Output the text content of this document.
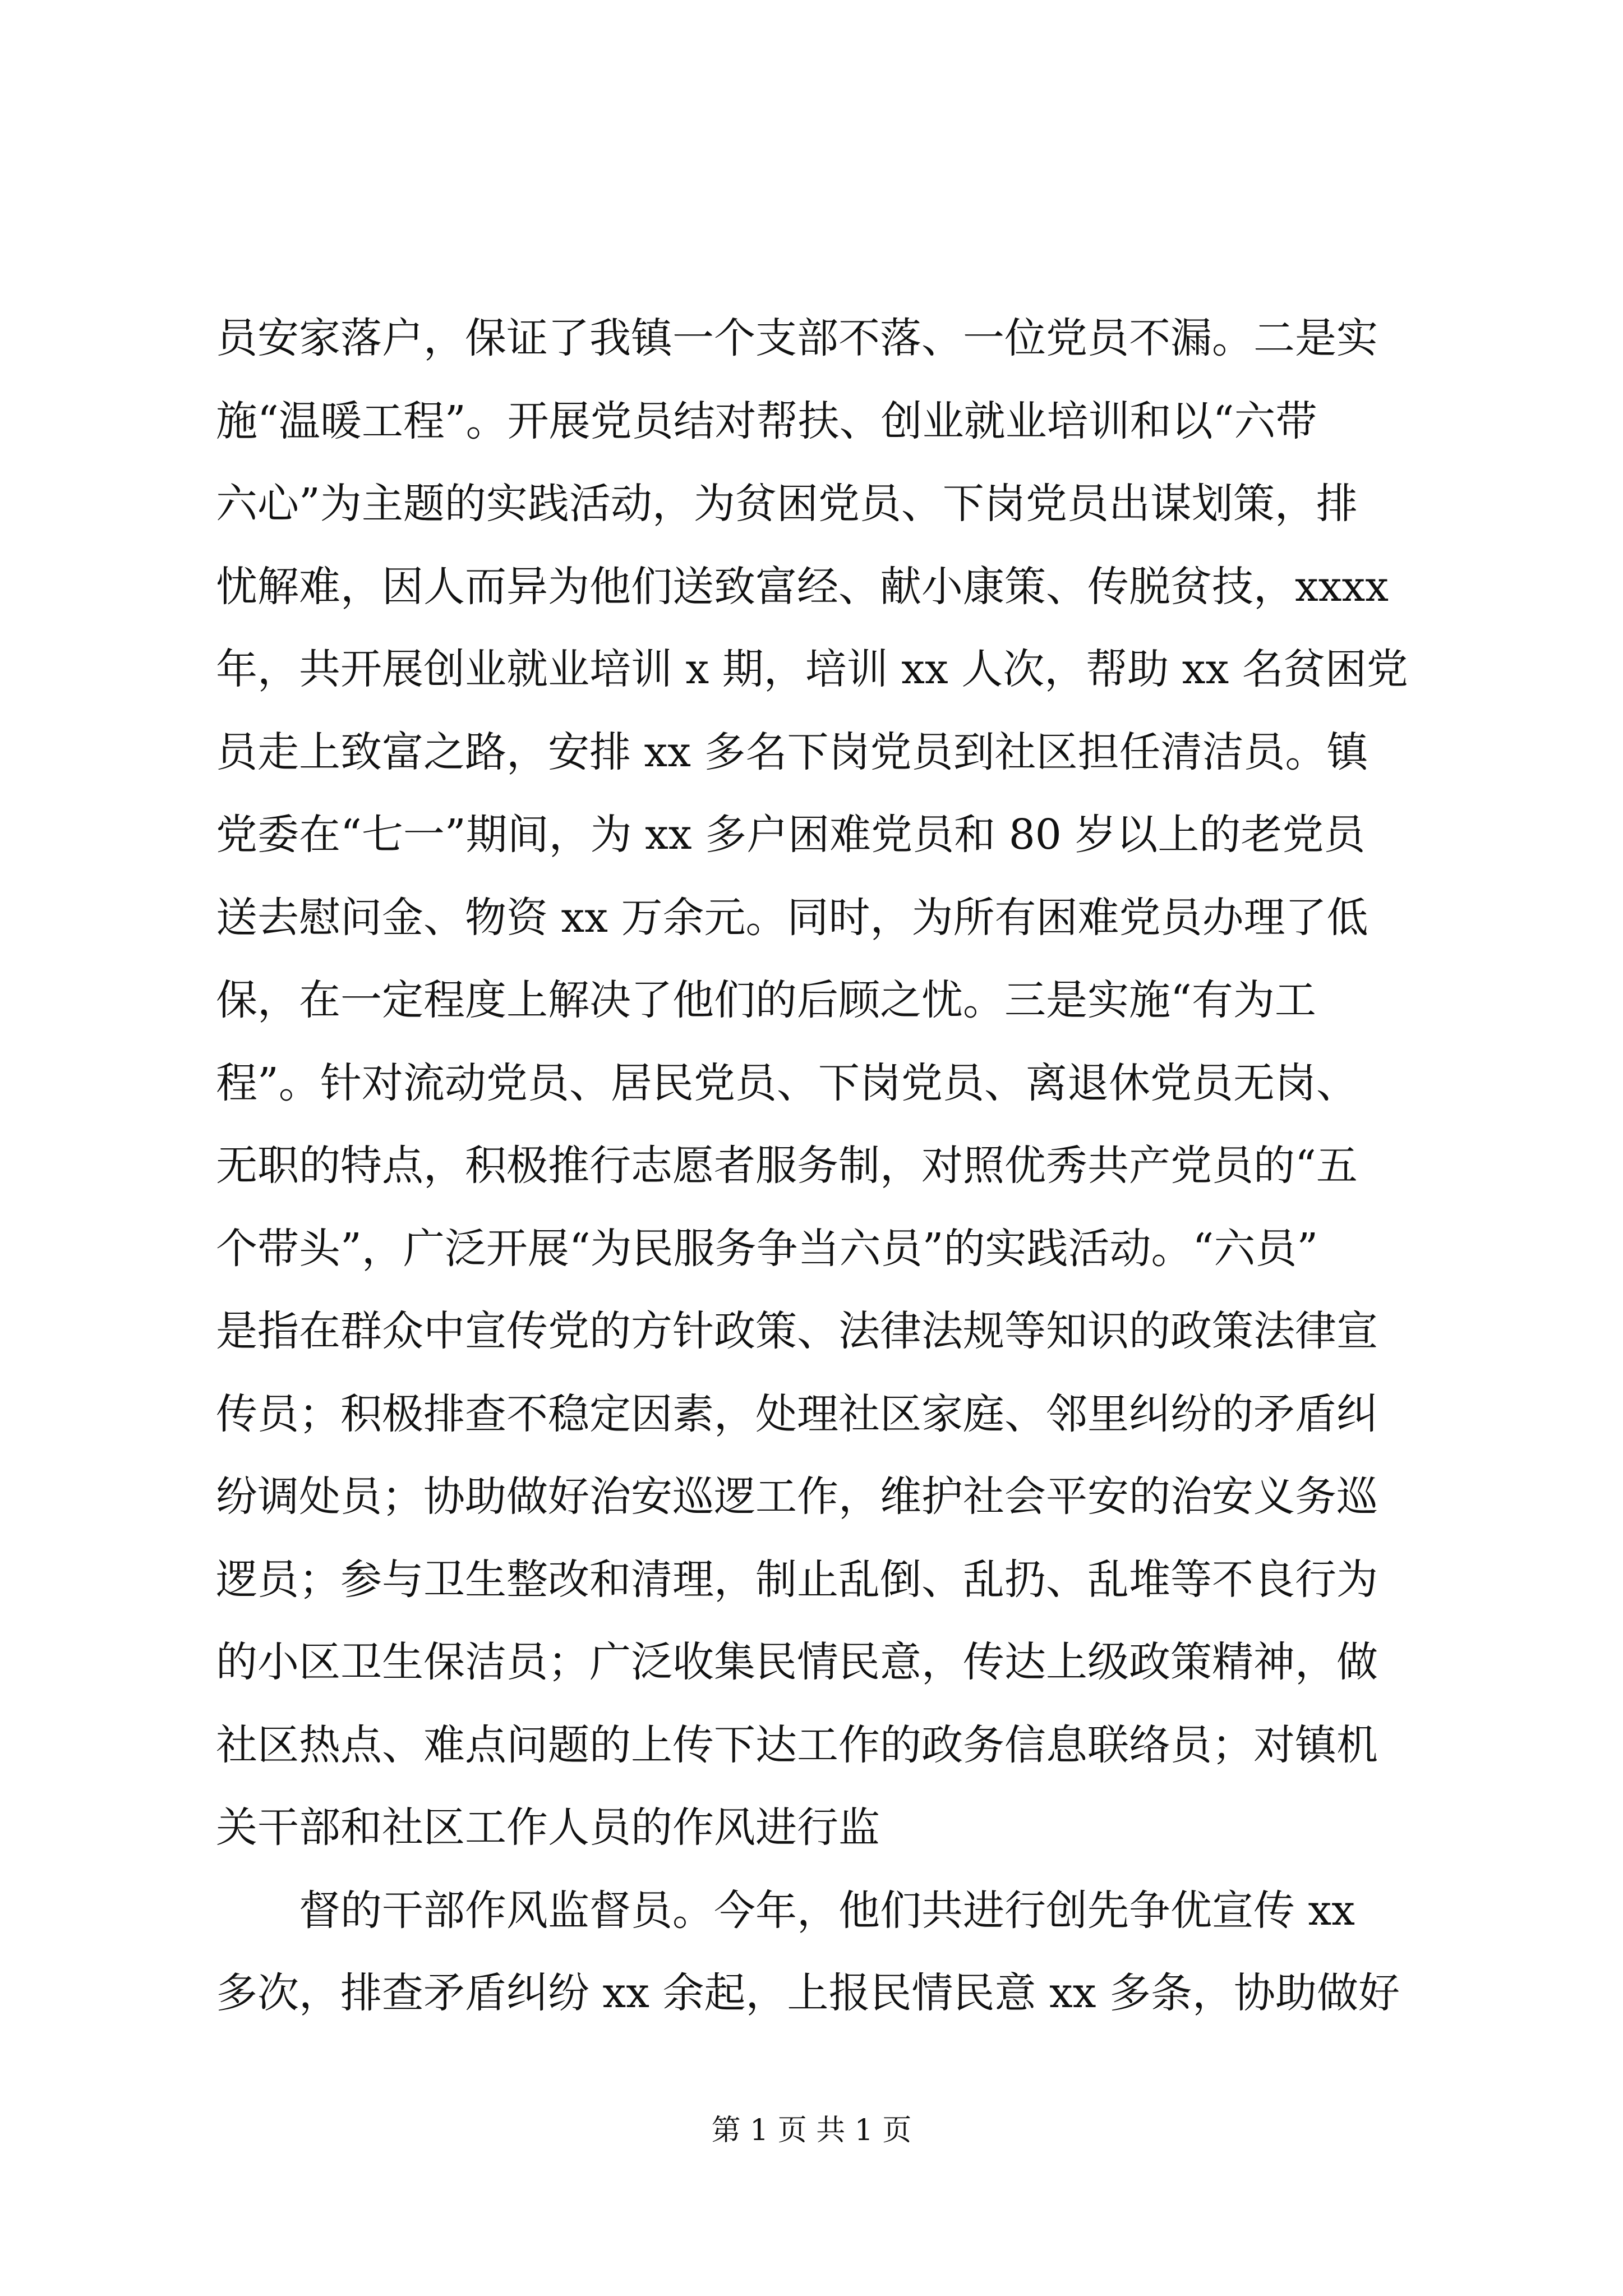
员安家落户，保证了我镇一个支部不落、一位党员不漏。二是实
施“温暖工程”。开展党员结对帮扶、创业就业培训和以“六带
六心”为主题的实践活动，为贫困党员、下岗党员出谋划策，排
忧解难，因人而异为他们送致富经、献小康策、传脱贫技，xxxx
年，共开展创业就业培训 x 期，培训 xx 人次，帮助 xx 名贫困党
员走上致富之路，安排 xx 多名下岗党员到社区担任清洁员。镇
党委在“七一”期间，为 xx 多户困难党员和 80 岁以上的老党员
送去慰问金、物资 xx 万余元。同时，为所有困难党员办理了低
保，在一定程度上解决了他们的后顾之忧。三是实施“有为工
程”。针对流动党员、居民党员、下岗党员、离退休党员无岗、
无职的特点，积极推行志愿者服务制，对照优秀共产党员的“五
个带头”，广泛开展“为民服务争当六员”的实践活动。“六员”
是指在群众中宣传党的方针政策、法律法规等知识的政策法律宣
传员；积极排查不稳定因素，处理社区家庭、邻里纠纷的矛盾纠
纷调处员；协助做好治安巡逻工作，维护社会平安的治安义务巡
逻员；参与卫生整改和清理，制止乱倒、乱扔、乱堆等不良行为
的小区卫生保洁员；广泛收集民情民意，传达上级政策精神，做
社区热点、难点问题的上传下达工作的政务信息联络员；对镇机
关干部和社区工作人员的作风进行监
督的干部作风监督员。今年，他们共进行创先争优宣传 xx
多次，排查矛盾纠纷 xx 余起，上报民情民意 xx 多条，协助做好
第 1 页 共 1 页
